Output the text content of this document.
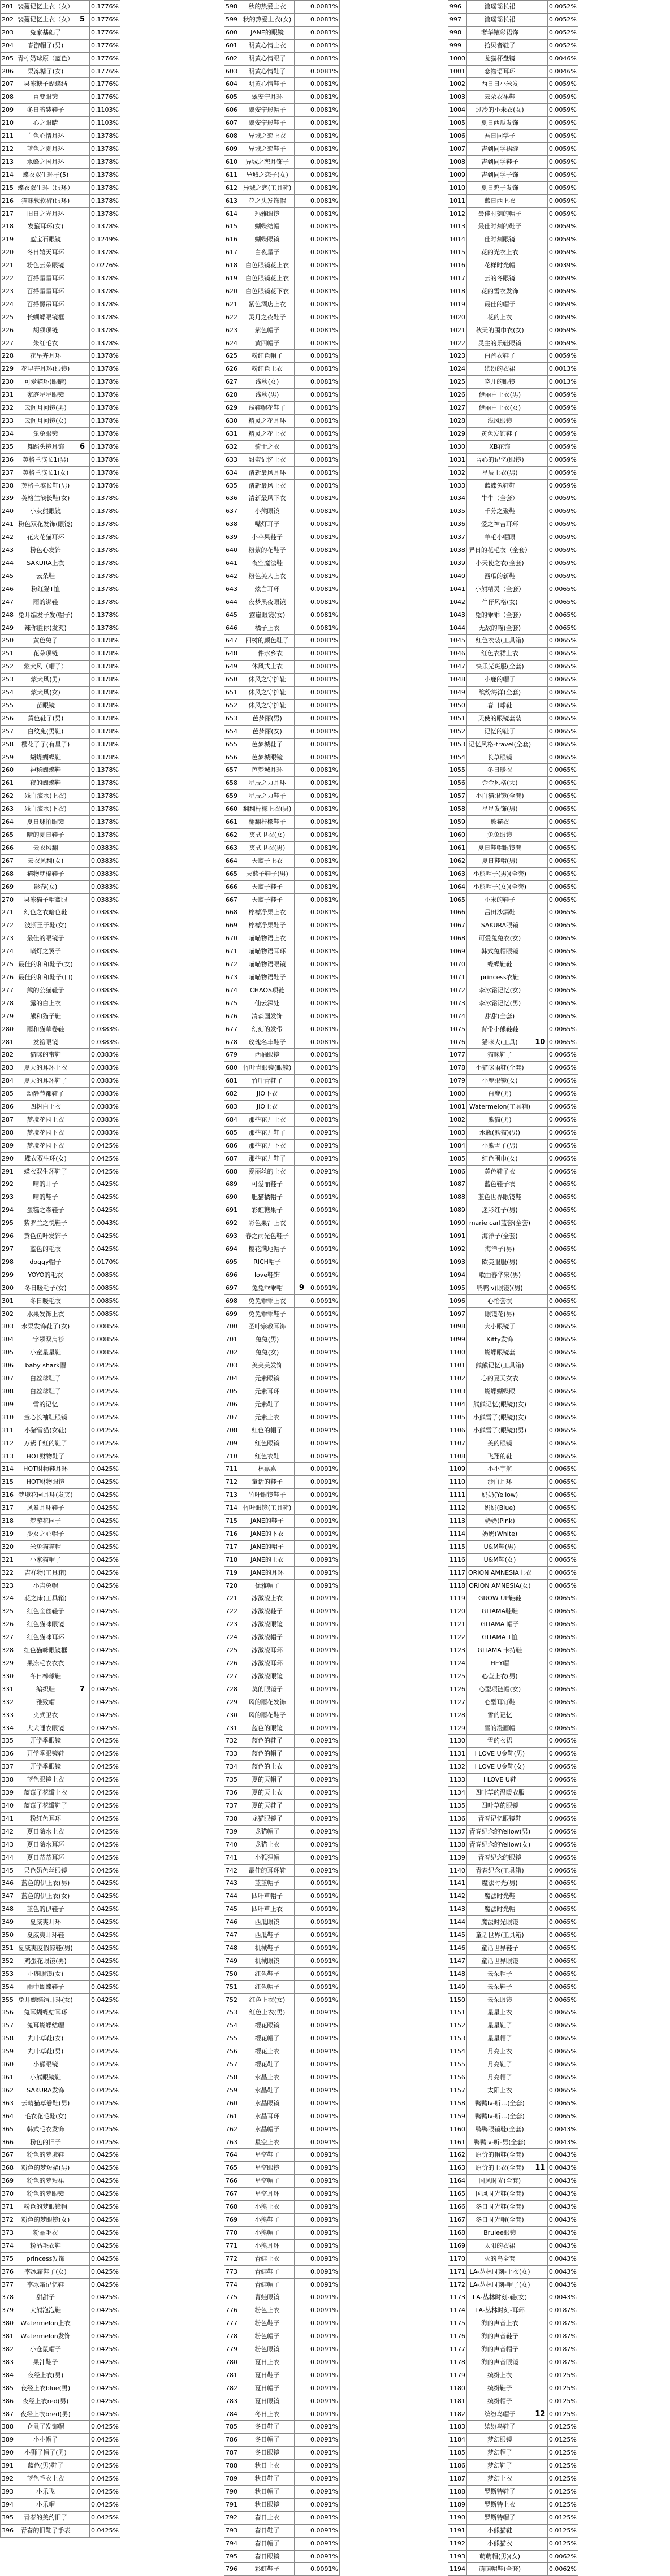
201	裴蔓记忆上衣（女）		0.1776%
202	裴蔓记忆上衣（女）	5	0.1776%
203	兔家基础子		0.1776%
204	春游帽子(男)		0.1776%
205	青柠奶球原（蓝色）		0.1776%
206	果冻糖子(女)		0.1776%
207	果冻糖子蝴蝶结		0.1776%
208	百变眼镜		0.1776%
209	冬日暗装鞋子		0.1103%
210	心之眼睛		0.1103%
211	白色心情耳环		0.1378%
212	蓝色之夏耳环		0.1378%
213	水蜂之国耳环		0.1378%
214	蝶衣双生环子(5)		0.1378%
215	蝶衣双生环（眼环）		0.1378%
216	猫咪软软裤(眼环)		0.1378%
217	旧日之光耳环		0.1378%
218	发箍耳环(女)		0.1378%
219	蓝宝石眼镜		0.1249%
220	冬日嬉天耳环		0.1378%
221	粉色云朵眼镜		0.0276%
222	百搭星星耳环		0.1378%
223	百搭星星耳环		0.1378%
224	百搭黑吊耳环		0.1378%
225	长蝴蝶眼镜框		0.1378%
226	胡须项链		0.1378%
227	朱红毛衣		0.1378%
228	花旱卉耳环		0.1378%
229	花早卉耳环(眼镜)		0.1378%
230	可爱猫环(眼睛)		0.1378%
231	家庭星星眼镜		0.1378%
232	云间月河镜(男)		0.1378%
233	云间月河镜(女)		0.1378%
234	兔兔眼镜		0.1378%
235	舞蹈头镜耳饰	6	0.1378%
236	英格兰滨长1(男)		0.1378%
237	英格兰滨长1(女)		0.1378%
238	英格兰滨长鞋(男)		0.1378%
239	英格兰滨长鞋(女)		0.1378%
240	小灰熊眼镜		0.1378%
241	粉色双花发饰(眼镜)		0.1378%
242	花火花猫耳环		0.1378%
243	粉色心发饰		0.1378%
244	SAKURA上衣		0.1378%
245	云朵鞋		0.1378%
246	粉红猫T恤		0.1378%
247	雨的绑鞋		0.1378%
248	兔耳编发子发(帽子)		0.1378%
249	辣你胜你(发夹)		0.1378%
250	黄色兔子		0.1378%
251	花朵项链		0.1378%
252	蒙犬风（帽子）		0.1378%
253	蒙犬风(男)		0.1378%
254	蒙犬风(女)		0.1378%
255	苗眼镜		0.1378%
256	黄色鞋子(男)		0.1378%
257	白纹鬼(男鞋)		0.1378%
258	樱花子子(有星子)		0.1378%
259	蝴蝶蝴蝶鞋		0.1378%
260	神秘蝴蝶鞋		0.1378%
261	夜的蝴蝶鞋		0.1378%
262	残白流水(上衣)		0.1378%
263	残白流水(下衣)		0.1378%
264	夏日球拍眼镜		0.1378%
265	晴的夏日鞋子		0.1378%
266	云衣风翻		0.0383%
267	云衣风翻(女)		0.0383%
268	猫物就棉鞋子		0.0383%
269	影春(女)		0.0383%
270	果冻猫子帽盔眼		0.0383%
271	幻色之衣暗色鞋		0.0383%
272	波斯王子鞋(女)		0.0383%
273	最佳的眼镜子		0.0383%
274	喷灯之翼子		0.0383%
275	最佳的和和鞋子(女)		0.0383%
276	最佳的和和鞋子(口)		0.0383%
277	熊的公猫鞋子		0.0383%
278	露的白上衣		0.0383%
279	熊和猫子鞋		0.0383%
280	雨和猫草卷鞋		0.0383%
281	发箍眼镜		0.0383%
282	猫咪的带鞋		0.0383%
283	夏天的耳环上衣		0.0383%
284	夏天的耳环鞋子		0.0383%
285	动静节都鞋子		0.0383%
286	四树白上衣		0.0383%
287	梦境花园上衣		0.0383%
288	梦境花园下衣		0.0383%
289	梦境花园下衣		0.0425%
290	蝶衣双生环(女)		0.0425%
291	蝶衣双生环鞋子		0.0425%
292	晴的耳子		0.0425%
293	晴的鞋子		0.0425%
294	蛋糕之森鞋子		0.0425%
295	紫罗兰之悦鞋子		0.0043%
296	黄色鱼叶发饰子		0.0425%
297	蓝色的毛衣		0.0425%
298	doggy帽子		0.0170%
299	YOYO的毛衣		0.0085%
300	冬日暖毛子(女)		0.0085%
301	冬日暖毛衣		0.0085%
302	水果发饰上衣		0.0085%
303	水果发饰鞋子(女)		0.0085%
304	一字领双肩衫		0.0085%
305	小童星星鞋		0.0085%
306	baby shark帽		0.0425%
307	白丝球鞋子		0.0425%
308	白丝球鞋子		0.0425%
309	雪的记忆		0.0425%
310	童心长袖鞋眼镜		0.0425%
311	小猪雷猫(女鞋)		0.0425%
312	万紫千红的鞋子		0.0425%
313	HOT财物鞋子		0.0425%
314	HOT财物鞋耳环		0.0425%
315	HOT财物眼镜		0.0425%
316	梦境花园耳环(发夹)		0.0425%
317	风暴耳环鞋子		0.0425%
318	梦游花园子		0.0425%
319	少女之心帽子		0.0425%
320	米兔猫猫帽		0.0425%
321	小家猫帽子		0.0425%
322	吉祥物(工具箱)		0.0425%
323	小吉兔帽		0.0425%
324	花之床(工具箱)		0.0425%
325	红色金丝鞋子		0.0425%
326	红色猫咪眼镜		0.0425%
327	红色猫咪耳环		0.0425%
328	红色猫咪眼镜框		0.0425%
329	果冻毛衣衣衣		0.0425%
330	冬日棒球鞋		0.0425%
331	编织鞋	7	0.0425%
332	雅致帽		0.0425%
333	夹式卫衣		0.0425%
334	大犬睡衣眼镜		0.0425%
335	开学季眼镜		0.0425%
336	开学季眼镜鞋		0.0425%
337	开学季眼镜		0.0425%
338	蓝色眼镜上衣		0.0425%
339	蓝莓子花瓣上衣		0.0425%
340	蓝莓子花瓣鞋子		0.0425%
341	粉红色耳环		0.0425%
342	夏日嗨水上衣		0.0425%
343	夏日嗨水耳环		0.0425%
344	夏日蒂蒂耳环		0.0425%
345	果色奶色丝眼镜		0.0425%
346	蓝色的伊上衣(男)		0.0425%
347	蓝色的伊上衣(女)		0.0425%
348	蓝色的伊鞋子		0.0425%
349	夏威夷耳环		0.0425%
350	夏威夷耳环鞋		0.0425%
351	夏威夷度假凉鞋(男)		0.0425%
352	鸡蛋花眼镜(男)		0.0425%
353	小鹿眼镜(女)		0.0425%
354	雨中蝴蝶鞋子		0.0425%
355	兔耳蝴蝶结耳环(女)		0.0425%
356	兔耳蝴蝶结耳环		0.0425%
357	兔耳蝴蝶结帽		0.0425%
358	丸叶草鞋(女)		0.0425%
359	丸叶草鞋(男)		0.0425%
360	小熊眼镜		0.0425%
361	小熊眼镜鞋		0.0425%
362	SAKURA发饰		0.0425%
363	云晴猫草卷鞋(男)		0.0425%
364	毛衣花毛鞋(女)		0.0425%
365	韩式毛衣发饰		0.0425%
366	粉色的旧子		0.0425%
367	粉色的梦境鞋		0.0425%
368	粉色的梦短裙(男)		0.0425%
369	粉色的梦短裙		0.0425%
370	粉色的梦眼镜		0.0425%
371	粉色的梦眼镜帽		0.0425%
372	粉色的梦眼镜(女)		0.0425%
373	粉晶毛衣		0.0425%
374	粉晶毛衣鞋		0.0425%
375	princess发饰		0.0425%
376	李冰霜鞋子(女)		0.0425%
377	李冰霜记忆鞋		0.0425%
378	甜甜子		0.0425%
379	大熊泡泡鞋		0.0425%
380	Watermelon上衣		0.0425%
381	Watermelon发饰		0.0425%
382	小仓鼠帽子		0.0425%
383	果汁鞋子		0.0425%
384	夜经上衣(男)		0.0425%
385	夜经上衣blue(男)		0.0425%
386	夜经上衣red(男)		0.0425%
387	夜经上衣bred(男)		0.0425%
388	仓鼠子发饰帽		0.0425%
389	小小帽子		0.0425%
390	小狮子帽子(男)		0.0425%
391	蓝色(男)鞋子		0.0425%
392	蓝色毛衣上衣		0.0425%
393	小乐飞		0.0425%
394	小乐帽		0.0425%
395	青春的美约旧子		0.0425%
396	青春的旧鞋子手表		0.0425%
598	秋的热爱上衣		0.0081%
599	秋的热爱上衣(女)		0.0081%
600	JANE的眼镜		0.0081%
601	明黄心情上衣		0.0081%
602	明黄心情眼子		0.0081%
603	明黄心情鞋子		0.0081%
604	明黄心情鞋子		0.0081%
605	翠安宁耳环		0.0081%
606	翠安宁形帽子		0.0081%
607	翠安宁形鞋子		0.0081%
608	异城之恋上衣		0.0081%
609	异城之恋鞋子		0.0081%
610	异城之恋耳饰子		0.0081%
611	异城之恋子(女)		0.0081%
612	异城之恋(工具箱)		0.0081%
613	花之头发饰帽		0.0081%
614	玛雅眼镜		0.0081%
615	蝴蝶结帽		0.0081%
616	蝴蝶眼镜		0.0081%
617	白夜星子		0.0081%
618	白色眼镜花上衣		0.0081%
619	白色眼镜花上衣		0.0081%
620	白色眼镜花下衣		0.0081%
621	紫色酒店上衣		0.0081%
622	灵月之夜鞋子		0.0081%
623	紫色帽子		0.0081%
624	黄四帽子		0.0081%
625	粉红色帽子		0.0081%
626	粉红色上衣		0.0081%
627	浅秋(女)		0.0081%
628	浅秋(男)		0.0081%
629	浅鞋帽花鞋子		0.0081%
630	精灵之花耳环		0.0081%
631	精灵之花上衣		0.0081%
632	骑士之衣		0.0081%
633	甜蜜记忆上衣		0.0081%
634	清新最风耳环		0.0081%
635	清新最风上衣		0.0081%
636	清新最风下衣		0.0081%
637	小熊眼镜		0.0081%
638	嘴灯耳子		0.0081%
639	小苹果鞋子		0.0081%
640	粉紫的花鞋子		0.0081%
641	夜空魔法鞋		0.0081%
642	粉色美人上衣		0.0081%
643	炫白耳环		0.0081%
644	夜梦黑夜眼镜		0.0081%
645	露崖眼镜(女)		0.0081%
646	橘子上衣		0.0081%
647	四树的颜色鞋子		0.0081%
648	一件水乡衣		0.0081%
649	休风式上衣		0.0081%
650	休风之守护鞋		0.0081%
651	休风之守护鞋		0.0081%
652	休风之守护鞋		0.0081%
653	芭梦丽(男)		0.0081%
654	芭梦丽(女)		0.0081%
655	芭梦城鞋子		0.0081%
656	芭梦城眼镜		0.0081%
657	芭梦城耳环		0.0081%
658	星辰之力耳环		0.0081%
659	星辰之力鞋子		0.0081%
660	翻翻柠檬上衣(男)		0.0081%
661	翻翻柠檬鞋子		0.0081%
662	夹式卫衣(女)		0.0081%
663	夹式卫衣(男)		0.0081%
664	天蓝子上衣		0.0081%
665	天蓝子鞋子(男)		0.0081%
666	天蓝子鞋子		0.0081%
667	天蓝子鞋子		0.0081%
668	柠檬净果上衣		0.0081%
669	柠檬净果鞋子		0.0081%
670	喵喵物语上衣		0.0081%
671	喵喵物语耳环		0.0081%
672	喵喵物语眼镜		0.0081%
673	喵喵物语鞋子		0.0081%
674	CHAOS项链		0.0081%
675	仙云深处		0.0081%
676	清森国发饰		0.0081%
677	幻刻的发带		0.0081%
678	玫瑰名丰鞋子		0.0081%
679	西柚眼镜		0.0081%
680	竹叶青眼镜(眼镜)		0.0081%
681	竹叶青鞋子		0.0081%
682	JIO下衣		0.0081%
683	JIO上衣		0.0081%
684	那些花儿上衣		0.0081%
685	那些花儿鞋子		0.0091%
686	那些花儿下衣		0.0091%
687	那些花儿鞋子		0.0091%
688	爱丽丝的上衣		0.0091%
689	可爱丽鞋子		0.0091%
690	肥猫橘帽子		0.0091%
691	彩虹糖果子		0.0091%
692	彩色果汁上衣		0.0091%
693	春之雨光色鞋子		0.0091%
694	樱花满地帽子		0.0091%
695	RICH帽子		0.0091%
696	love鞋饰		0.0091%
697	兔兔乖乖帽	9	0.0091%
698	兔兔乖乖上衣		0.0091%
699	兔兔乖乖鞋子		0.0091%
700	圣叶宗教耳饰		0.0091%
701	兔兔(男)		0.0091%
702	兔兔(女)		0.0091%
703	美美美发饰		0.0091%
704	元素眼镜		0.0091%
705	元素耳环		0.0091%
706	元素鞋子		0.0091%
707	元素上衣		0.0091%
708	红色的帽子		0.0091%
709	红色眼镜		0.0091%
710	红色衣鞋		0.0091%
711	林嘉嘉		0.0091%
712	童话的鞋子		0.0091%
713	竹叶眼镜鞋子		0.0091%
714	竹叶眼镜(工具箱)		0.0091%
715	JANE的鞋子		0.0091%
716	JANE的下衣		0.0091%
717	JANE的帽子		0.0091%
718	JANE的上衣		0.0091%
719	JANE的耳环		0.0091%
720	优雅帽子		0.0091%
721	冰激凌上衣		0.0091%
722	冰激凌鞋子		0.0091%
723	冰激凌眼镜		0.0091%
724	冰激凌帽子		0.0091%
725	冰激凌耳环		0.0091%
726	冰激凌耳环		0.0091%
727	冰激凌眼镜		0.0091%
728	莫的眼镜子		0.0091%
729	风的雨花发饰		0.0091%
730	风的雨花鞋子		0.0091%
731	蓝色的眼镜		0.0091%
732	蓝色的鞋子		0.0091%
733	蓝色的帽子		0.0091%
734	蓝色的上衣		0.0091%
735	夏的天帽子		0.0091%
736	夏的天上衣		0.0091%
737	夏的天鞋子		0.0091%
738	龙猫眼镜子		0.0091%
739	龙猫帽子		0.0091%
740	龙猫上衣		0.0091%
741	小狐狸帽		0.0091%
742	最佳的耳环鞋		0.0091%
743	蓝蓝帽子		0.0091%
744	四叶草帽子		0.0091%
745	四叶草上衣		0.0091%
746	西瓜眼镜		0.0091%
747	西瓜鞋子		0.0091%
748	机械鞋子		0.0091%
749	机械眼镜		0.0091%
750	红色鞋子		0.0091%
751	红色帽子		0.0091%
752	红色上衣(女)		0.0091%
753	红色上衣(男)		0.0091%
754	樱花眼镜		0.0091%
755	樱花帽子		0.0091%
756	樱花上衣		0.0091%
757	樱花鞋子		0.0091%
758	水晶上衣		0.0091%
759	水晶鞋子		0.0091%
760	水晶眼镜		0.0091%
761	水晶耳环		0.0091%
762	水晶帽子		0.0091%
763	星空上衣		0.0091%
764	星空鞋子		0.0091%
765	星空眼镜		0.0091%
766	星空帽子		0.0091%
767	星空耳环		0.0091%
768	小熊上衣		0.0091%
769	小熊鞋子		0.0091%
770	小熊帽子		0.0091%
771	小熊耳环		0.0091%
772	青蛙上衣		0.0091%
773	青蛙鞋子		0.0091%
774	青蛙帽子		0.0091%
775	青蛙眼镜		0.0091%
776	粉色上衣		0.0091%
777	粉色鞋子		0.0091%
778	粉色帽子		0.0091%
779	粉色眼镜		0.0091%
780	夏日上衣		0.0091%
781	夏日鞋子		0.0091%
782	夏日帽子		0.0091%
783	夏日眼镜		0.0091%
784	冬日上衣		0.0091%
785	冬日鞋子		0.0091%
786	冬日帽子		0.0091%
787	冬日眼镜		0.0091%
788	秋日上衣		0.0091%
789	秋日鞋子		0.0091%
790	秋日帽子		0.0091%
791	秋日眼镜		0.0091%
792	春日上衣		0.0091%
793	春日鞋子		0.0091%
794	春日帽子		0.0091%
795	春日眼镜		0.0091%
796	彩虹鞋子		0.0091%
996	流瑶瑶长裙		0.0052%
997	流瑶瑶长裙		0.0052%
998	奢华镶彩裙饰		0.0052%
999	拾贝者鞋子		0.0052%
1000	龙猫杯盘镜		0.0046%
1001	恋物语耳环		0.0046%
1002	西日日小米发		0.0059%
1003	云朵衣裙鞋		0.0059%
1004	过冷的小米衣(女)		0.0059%
1005	夏日西瓜发饰		0.0059%
1006	吾日同学子		0.0059%
1007	吉到同学裙缝		0.0059%
1008	吉到同学鞋子		0.0059%
1009	吉到同学子饰		0.0059%
1010	夏日鸡子发饰		0.0059%
1011	蓝日西上衣		0.0059%
1012	最佳时刻的帽子		0.0059%
1013	最佳时刻的鞋子		0.0059%
1014	佳时刻眼镜		0.0059%
1015	花的光衣上衣		0.0059%
1016	花样时光帽		0.0039%
1017	云的冬眼镜		0.0059%
1018	花的雪衣发饰		0.0059%
1019	最佳的帽子		0.0059%
1020	花的上衣		0.0059%
1021	秋天的围巾衣(女)		0.0059%
1022	灵主的乐鞋眼镜		0.0059%
1023	白首衣鞋子		0.0059%
1024	缤纷的衣裙		0.0013%
1025	晓儿的眼镜		0.0013%
1026	伊丽白上衣(男)		0.0059%
1027	伊丽白上衣(女)		0.0059%
1028	浅风眼镜		0.0059%
1029	黄色发饰鞋子		0.0059%
1030	XB花饰		0.0059%
1031	吾心的记忆(眼镜)		0.0059%
1032	星辰上衣(男)		0.0059%
1033	蓝蝶兔鞋鞋		0.0059%
1034	牛牛（全套）		0.0059%
1035	千分之聚鞋		0.0059%
1036	爱之神吉耳环		0.0059%
1037	羊毛小帽眼		0.0059%
1038	异日的花毛衣（全套）		0.0059%
1039	小天使之衣(全套)		0.0059%
1040	西瓜的新鞋		0.0059%
1041	小熊精灵（全套）		0.0065%
1042	牛仔风格(女)		0.0065%
1043	兔的乖乖（全套）		0.0065%
1044	无敌的喵(全套)		0.0065%
1045	红色衣装(工具箱)		0.0065%
1046	红色衣裙上衣		0.0065%
1047	快乐光斑服(全套)		0.0065%
1048	小鹿的帽子		0.0065%
1049	缤纷海洋(全套)		0.0065%
1050	春日球鞋		0.0065%
1051	天使的眼镜套装		0.0065%
1052	记忆的鞋子		0.0065%
1053	记忆风格-travel(全套)		0.0065%
1054	长草眼镜		0.0065%
1055	冬日暖衣		0.0065%
1056	金金风格(大)		0.0065%
1057	小白猫眼镜(全套)		0.0065%
1058	星星发饰(男)		0.0065%
1059	熊猫衣		0.0065%
1060	兔兔眼镜		0.0065%
1061	夏日鞋帽眼镜套		0.0065%
1062	夏日鞋帽(男)		0.0065%
1063	小熊帽子(男)(全套)		0.0065%
1064	小熊帽子(女)(全套)		0.0065%
1065	小米的鞋子		0.0065%
1066	吕田沙漏鞋		0.0065%
1067	SAKURA眼镜		0.0065%
1068	可爱兔兔衣(女)		0.0065%
1069	韩式兔帽眼镜		0.0065%
1070	蝶蝶鞋鞋		0.0065%
1071	princess衣鞋		0.0065%
1072	李冰霜记忆(女)		0.0065%
1073	李冰霜记忆(男)		0.0065%
1074	甜甜(全套)		0.0065%
1075	背带小熊鞋鞋		0.0065%
1076	猫咪大(工具)	10	0.0065%
1077	猫咪鞋子		0.0065%
1078	小猫咪雨鞋(全套)		0.0065%
1079	小鹿眼镜(女)		0.0065%
1080	白鹿(男)		0.0065%
1081	Watermelon(工具箱)		0.0065%
1082	熊猫(男)		0.0065%
1083	水瓶(熊猫)(男)		0.0065%
1084	小熊雪子(男)		0.0065%
1085	红色围巾(女)		0.0065%
1086	黄色鞋子衣		0.0065%
1087	蓝色鞋子衣		0.0065%
1088	蓝色世界眼镜鞋		0.0065%
1089	迷彩红子(男)		0.0065%
1090	marie carl蓝套(全套)		0.0065%
1091	海洋子(全套)		0.0065%
1092	海洋子(男)		0.0065%
1093	欧美服服(男)		0.0065%
1094	歌曲春华宋(男)		0.0065%
1095	鸭鸭lv(眼镜)(男)		0.0065%
1096	心怡套衣		0.0065%
1097	眼镜花(男)		0.0065%
1098	大小眼镜子		0.0065%
1099	Kitty发饰		0.0065%
1100	蝴蝶眼镜套		0.0065%
1101	熊熊记忆(工具箱)		0.0065%
1102	心的夏天女衣		0.0065%
1103	蝴蝶蝴蝶眼		0.0065%
1104	熊熊记忆(眼镜)(女)		0.0065%
1105	小熊雪子(眼镜)(女)		0.0065%
1106	小熊雪子(眼镜)(男)		0.0065%
1107	美的眼镜		0.0065%
1108	飞翔的鞋		0.0065%
1109	小小宇航		0.0065%
1110	沙白耳环		0.0065%
1111	奶奶(Yellow)		0.0065%
1112	奶奶(Blue)		0.0065%
1113	奶奶(Pink)		0.0065%
1114	奶奶(White)		0.0065%
1115	U&M鞋(男)		0.0065%
1116	U&M鞋(女)		0.0065%
1117	ORION AMNESIA上衣		0.0065%
1118	ORION AMNESIA(女)		0.0065%
1119	GROW UP鞋鞋		0.0065%
1120	GITAMA鞋鞋		0.0065%
1121	GITAMA 帽子		0.0065%
1122	GITAMA T恤		0.0065%
1123	GITAMA 卡持鞋		0.0065%
1124	HEY帽		0.0065%
1125	心莹上衣(男)		0.0065%
1126	心型项链帽(女)		0.0065%
1127	心型耳钉鞋		0.0065%
1128	雪的记忆		0.0065%
1129	雪的漫画帽		0.0065%
1130	雪的衣裙		0.0065%
1131	I LOVE U金鞋(男)		0.0065%
1132	I LOVE U金鞋(女)		0.0065%
1133	I LOVE U鞋		0.0065%
1134	四叶草的温暖衣服		0.0065%
1135	四叶草的眼镜		0.0065%
1136	青春记忆眼镜鞋		0.0065%
1137	青春纪念的Yellow(男)		0.0065%
1138	青春纪念的Yellow(女)		0.0065%
1139	青春纪念的眼镜		0.0065%
1140	青春纪念(工具箱)		0.0065%
1141	魔法时光(男)		0.0065%
1142	魔法时光鞋		0.0065%
1143	魔法时光帽		0.0065%
1144	魔法时光眼镜		0.0065%
1145	童话世界(工具箱)		0.0065%
1146	童话世界鞋子		0.0065%
1147	童话世界眼镜		0.0065%
1148	云朵帽子		0.0065%
1149	云朵鞋子		0.0065%
1150	云朵眼镜		0.0065%
1151	星星上衣		0.0065%
1152	星星鞋子		0.0065%
1153	星星帽子		0.0065%
1154	月亮上衣		0.0065%
1155	月亮鞋子		0.0065%
1156	月亮帽子		0.0065%
1157	太阳上衣		0.0065%
1158	鸭鸭lv-听…(全套)		0.0065%
1159	鸭鸭lv-听…(全套)		0.0065%
1160	鸭鸭眼镜鞋(全套)		0.0043%
1161	鸭鸭lv-听-男(全套)		0.0043%
1162	原价的帽鞋(全套)		0.0043%
1163	原价的上衣(全套)	11	0.0043%
1164	国风时光(全套)		0.0043%
1165	国风时光鞋(全套)		0.0043%
1166	冬日时光鞋(全套)		0.0043%
1167	冬日时光帽(全套)		0.0043%
1168	Brulee眼镜		0.0043%
1169	太阳的衣裙		0.0043%
1170	火的鸟全套		0.0043%
1171	LA-丛林时刻-上衣(女)		0.0043%
1172	LA-丛林时刻-帽子(女)		0.0043%
1173	LA-丛林时刻-鞋(女)		0.0043%
1174	LA-丛林时刻-耳环		0.0187%
1175	海的声音上衣		0.0187%
1176	海的声音鞋子		0.0187%
1177	海的声音帽子		0.0187%
1178	海的声音眼镜		0.0187%
1179	缤纷上衣		0.0125%
1180	缤纷鞋子		0.0125%
1181	缤纷帽子		0.0125%
1182	缤纷鸟帽子	12	0.0125%
1183	缤纷鸟鞋子		0.0125%
1184	梦幻眼镜		0.0125%
1185	梦幻帽子		0.0125%
1186	梦幻鞋子		0.0125%
1187	梦幻上衣		0.0125%
1188	罗斯特鞋子		0.0125%
1189	罗斯特上衣		0.0125%
1190	罗斯特帽子		0.0125%
1191	小熊猫鞋		0.0125%
1192	小熊猫衣		0.0125%
1193	萌萌帽(男)(女)		0.0062%
1194	萌萌帽鞋(全套)		0.0062%
